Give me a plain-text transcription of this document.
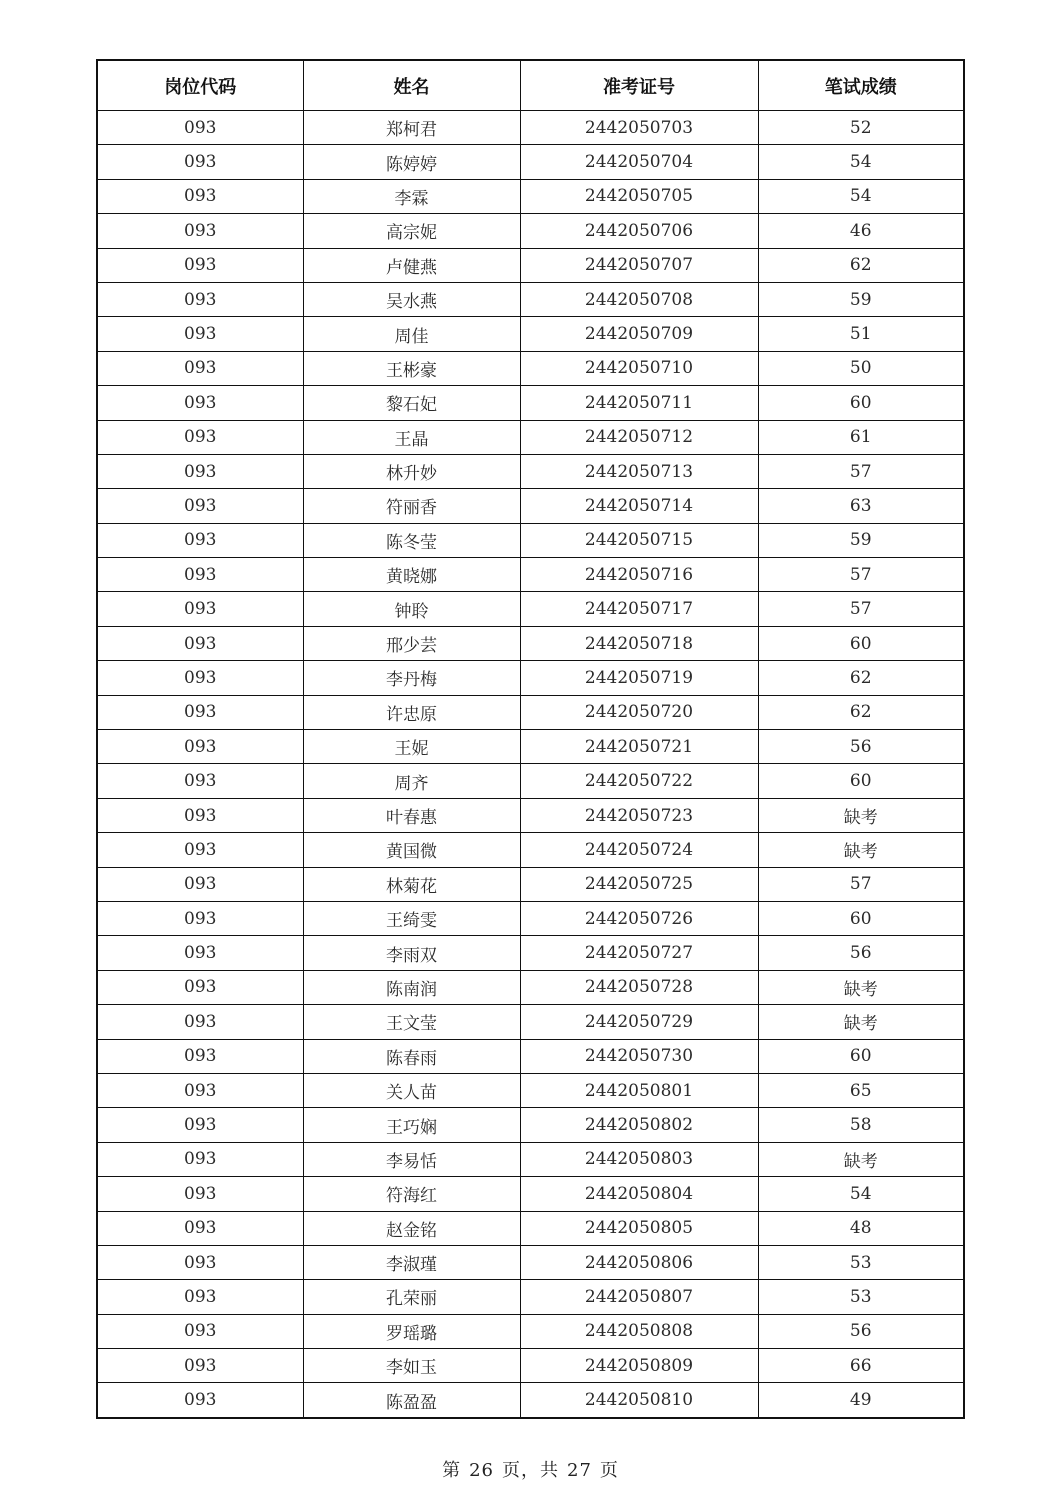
岗位代码	姓名	准考证号	笔试成绩
093	郑柯君	2442050703	52
093	陈婷婷	2442050704	54
093	李霖	2442050705	54
093	高宗妮	2442050706	46
093	卢健燕	2442050707	62
093	吴水燕	2442050708	59
093	周佳	2442050709	51
093	王彬豪	2442050710	50
093	黎石妃	2442050711	60
093	王晶	2442050712	61
093	林升妙	2442050713	57
093	符丽香	2442050714	63
093	陈冬莹	2442050715	59
093	黄晓娜	2442050716	57
093	钟聆	2442050717	57
093	邢少芸	2442050718	60
093	李丹梅	2442050719	62
093	许忠原	2442050720	62
093	王妮	2442050721	56
093	周齐	2442050722	60
093	叶春惠	2442050723	缺考
093	黄国微	2442050724	缺考
093	林菊花	2442050725	57
093	王绮雯	2442050726	60
093	李雨双	2442050727	56
093	陈南润	2442050728	缺考
093	王文莹	2442050729	缺考
093	陈春雨	2442050730	60
093	关人苗	2442050801	65
093	王巧娴	2442050802	58
093	李易恬	2442050803	缺考
093	符海红	2442050804	54
093	赵金铭	2442050805	48
093	李淑瑾	2442050806	53
093	孔荣丽	2442050807	53
093	罗瑶璐	2442050808	56
093	李如玉	2442050809	66
093	陈盈盈	2442050810	49
第 26 页，共 27 页
